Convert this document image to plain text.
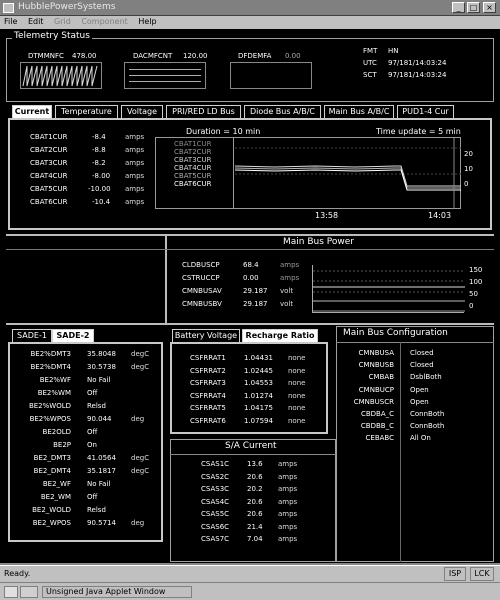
HubblePowerSystems	_	□	×
File Edit Grid Component Help
Telemetry Status
DTMMNFC 478.00	DACMFCNT 120.00	DFDEMFA 0.00
FMT HN
UTC 97/181/14:03:24
SCT 97/181/14:03:24
Current	Temperature	Voltage	PRI/RED LD Bus	Diode Bus A/B/C	Main Bus A/B/C	PUD1-4 Cur
CBAT1CUR	-8.4	amps
CBAT2CUR	-8.8	amps
CBAT3CUR	-8.2	amps
CBAT4CUR	-8.00 amps
CBAT5CUR	-10.00 amps
CBAT6CUR	-10.4 amps
Duration = 10 min	Time update = 5 min
CBAT1CUR
CBAT2CUR
CBAT3CUR
CBAT4CUR
CBAT5CUR
CBAT6CUR
20
10
0
13:58	14:03
Main Bus Power
CLDBUSCP	68.4	amps
CSTRUCCP	0.00	amps
CMNBUSAV	29.187 volt
CMNBUSBV	29.187 volt
150
100
50
0
SADE-1	SADE-2
BE2%DMT3 35.8048 degC
BE2%DMT4 30.5738 degC
BE2%WF No Fail
BE2%WM Off
BE2%WOLD Relsd
BE2%WPOS 90.044	deg
BE2OLD Off
BE2P On
BE2_DMT3 41.0564 degC
BE2_DMT4 35.1817 degC
BE2_WF No Fail
BE2_WM Off
BE2_WOLD Relsd
BE2_WPOS 90.5714 deg
Battery Voltage	Recharge Ratio
CSFRRAT1	1.04431 none
CSFRRAT2	1.02445 none
CSFRRAT3	1.04553 none
CSFRRAT4	1.01274 none
CSFRRAT5	1.04175 none
CSFRRAT6	1.07594 none
Main Bus Configuration
CMNBUSA Closed
CMNBUSB Closed
CMBAB DsblBoth
CMNBUCP Open
CMNBUSCR Open
CBDBA_C ConnBoth
CBDBB_C ConnBoth
CEBABC All On
S/A Current
CSAS1C	13.6 amps
CSAS2C	20.6 amps
CSAS3C	20.2 amps
CSAS4C	20.6 amps
CSAS5C	20.6 amps
CSAS6C	21.4 amps
CSAS7C	7.04 amps
Ready.	ISP	LCK
Unsigned Java Applet Window
